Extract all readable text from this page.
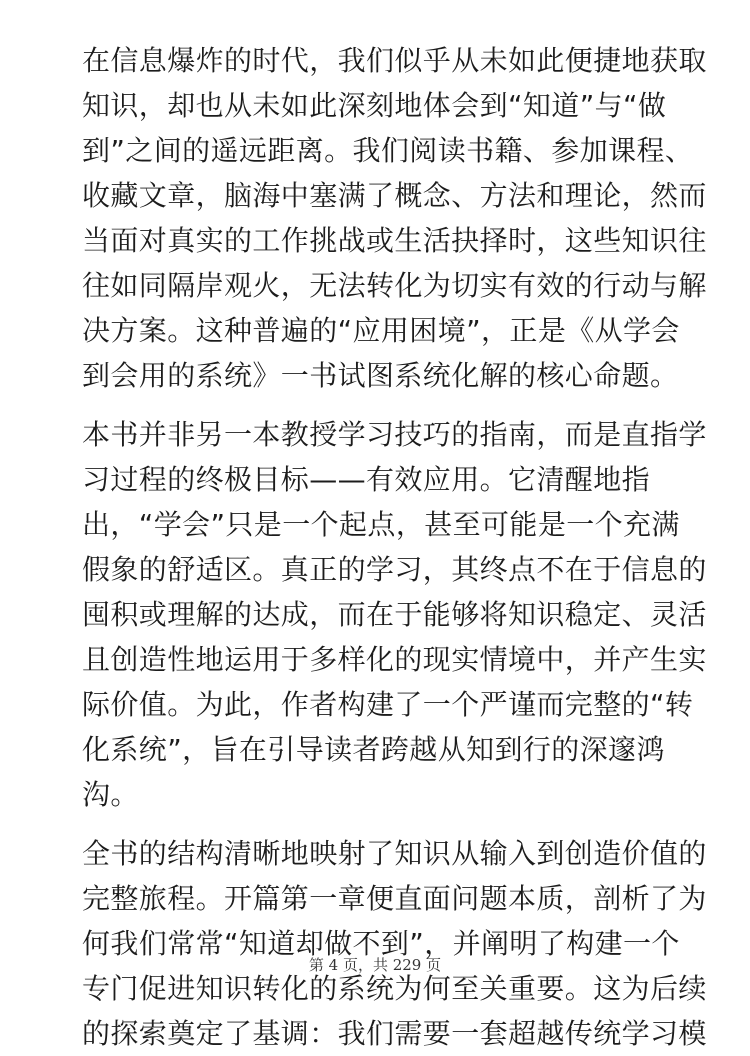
在信息爆炸的时代，我们似乎从未如此便捷地获取
知识，却也从未如此深刻地体会到“知道”与“做
到”之间的遥远距离。我们阅读书籍、参加课程、
收藏文章，脑海中塞满了概念、方法和理论，然而
当面对真实的工作挑战或生活抉择时，这些知识往
往如同隔岸观火，无法转化为切实有效的行动与解
决方案。这种普遍的“应用困境”，正是《从学会
到会用的系统》一书试图系统化解的核心命题。
本书并非另一本教授学习技巧的指南，而是直指学
习过程的终极目标——有效应用。它清醒地指
出，“学会”只是一个起点，甚至可能是一个充满
假象的舒适区。真正的学习，其终点不在于信息的
囤积或理解的达成，而在于能够将知识稳定、灵活
且创造性地运用于多样化的现实情境中，并产生实
际价值。为此，作者构建了一个严谨而完整的“转
化系统”，旨在引导读者跨越从知到行的深邃鸿
沟。
全书的结构清晰地映射了知识从输入到创造价值的
完整旅程。开篇第一章便直面问题本质，剖析了为
何我们常常“知道却做不到”，并阐明了构建一个
专门促进知识转化的系统为何至关重要。这为后续
的探索奠定了基调：我们需要一套超越传统学习模
第 4 页，共 229 页
